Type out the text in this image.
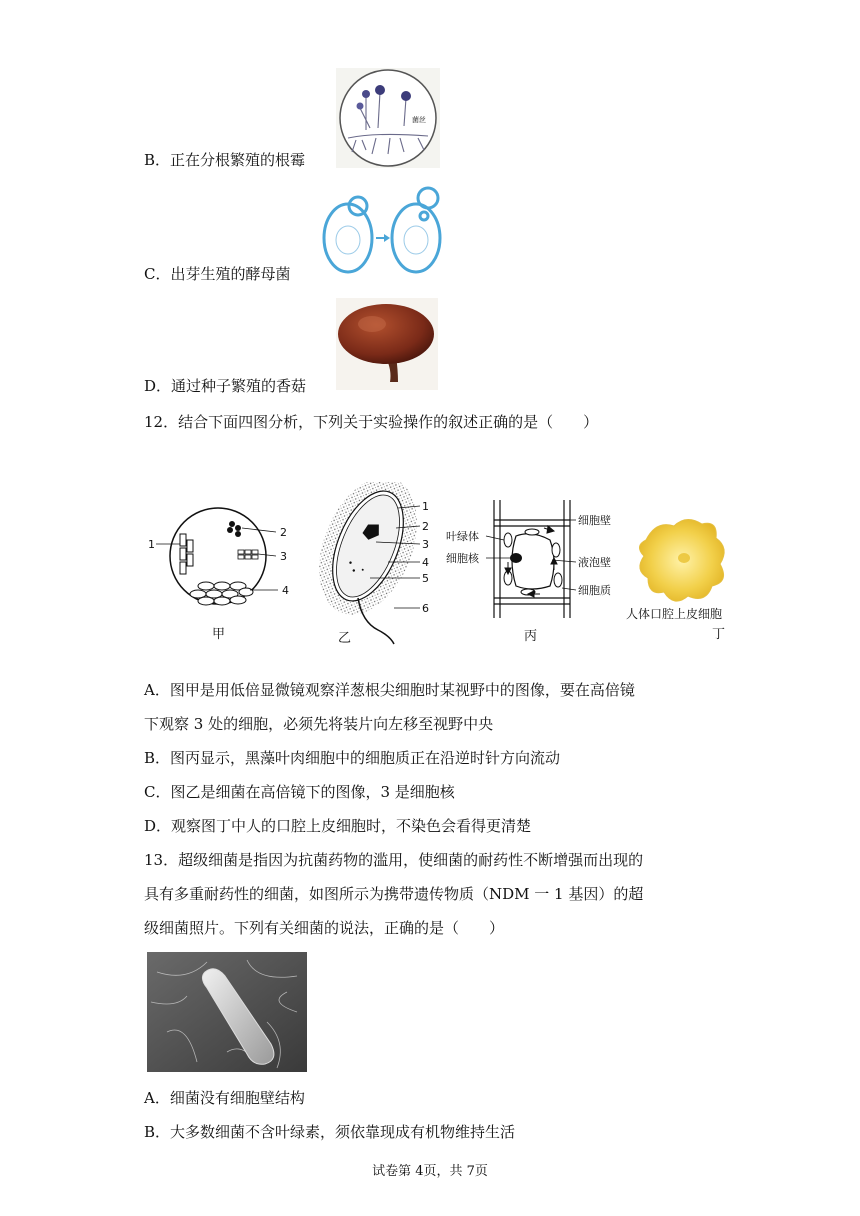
菌丝
B．正在分根繁殖的根霉
C．出芽生殖的酵母菌
D．通过种子繁殖的香菇
12．结合下面四图分析，下列关于实验操作的叙述正确的是（　　）
1
2
3
4
甲
1
2
3
4
5
6
乙
叶绿体
细胞核
细胞壁
液泡壁
细胞质
丙
人体口腔上皮细胞
丁
A．图甲是用低倍显微镜观察洋葱根尖细胞时某视野中的图像，要在高倍镜
下观察 3 处的细胞，必须先将装片向左移至视野中央
B．图丙显示，黑藻叶肉细胞中的细胞质正在沿逆时针方向流动
C．图乙是细菌在高倍镜下的图像，3 是细胞核
D．观察图丁中人的口腔上皮细胞时，不染色会看得更清楚
13．超级细菌是指因为抗菌药物的滥用，使细菌的耐药性不断增强而出现的
具有多重耐药性的细菌，如图所示为携带遗传物质（NDM 一 1 基因）的超
级细菌照片。下列有关细菌的说法，正确的是（　　）
A．细菌没有细胞壁结构
B．大多数细菌不含叶绿素，须依靠现成有机物维持生活
试卷第 4页，共 7页
